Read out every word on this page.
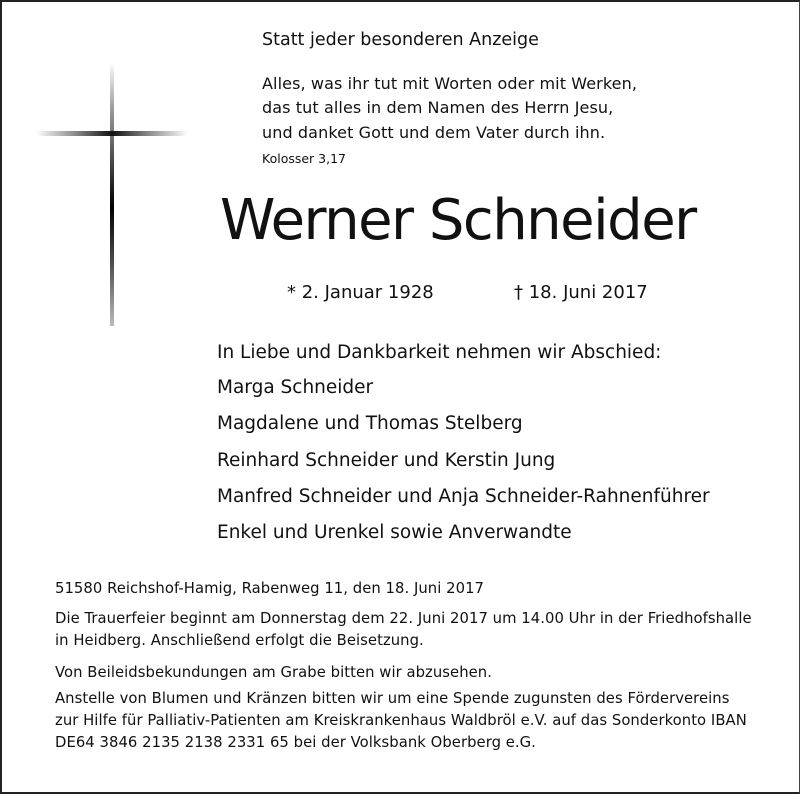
Statt jeder besonderen Anzeige
Alles, was ihr tut mit Worten oder mit Werken,
das tut alles in dem Namen des Herrn Jesu,
und danket Gott und dem Vater durch ihn.
Kolosser 3,17
Werner Schneider
* 2. Januar 1928	† 18. Juni 2017
In Liebe und Dankbarkeit nehmen wir Abschied:
Marga Schneider
Magdalene und Thomas Stelberg
Reinhard Schneider und Kerstin Jung
Manfred Schneider und Anja Schneider-Rahnenführer
Enkel und Urenkel sowie Anverwandte
51580 Reichshof-Hamig, Rabenweg 11, den 18. Juni 2017
Die Trauerfeier beginnt am Donnerstag dem 22. Juni 2017 um 14.00 Uhr in der Friedhofshalle
in Heidberg. Anschließend erfolgt die Beisetzung.
Von Beileidsbekundungen am Grabe bitten wir abzusehen.
Anstelle von Blumen und Kränzen bitten wir um eine Spende zugunsten des Fördervereins
zur Hilfe für Palliativ-Patienten am Kreiskrankenhaus Waldbröl e.V. auf das Sonderkonto IBAN
DE64 3846 2135 2138 2331 65 bei der Volksbank Oberberg e.G.
